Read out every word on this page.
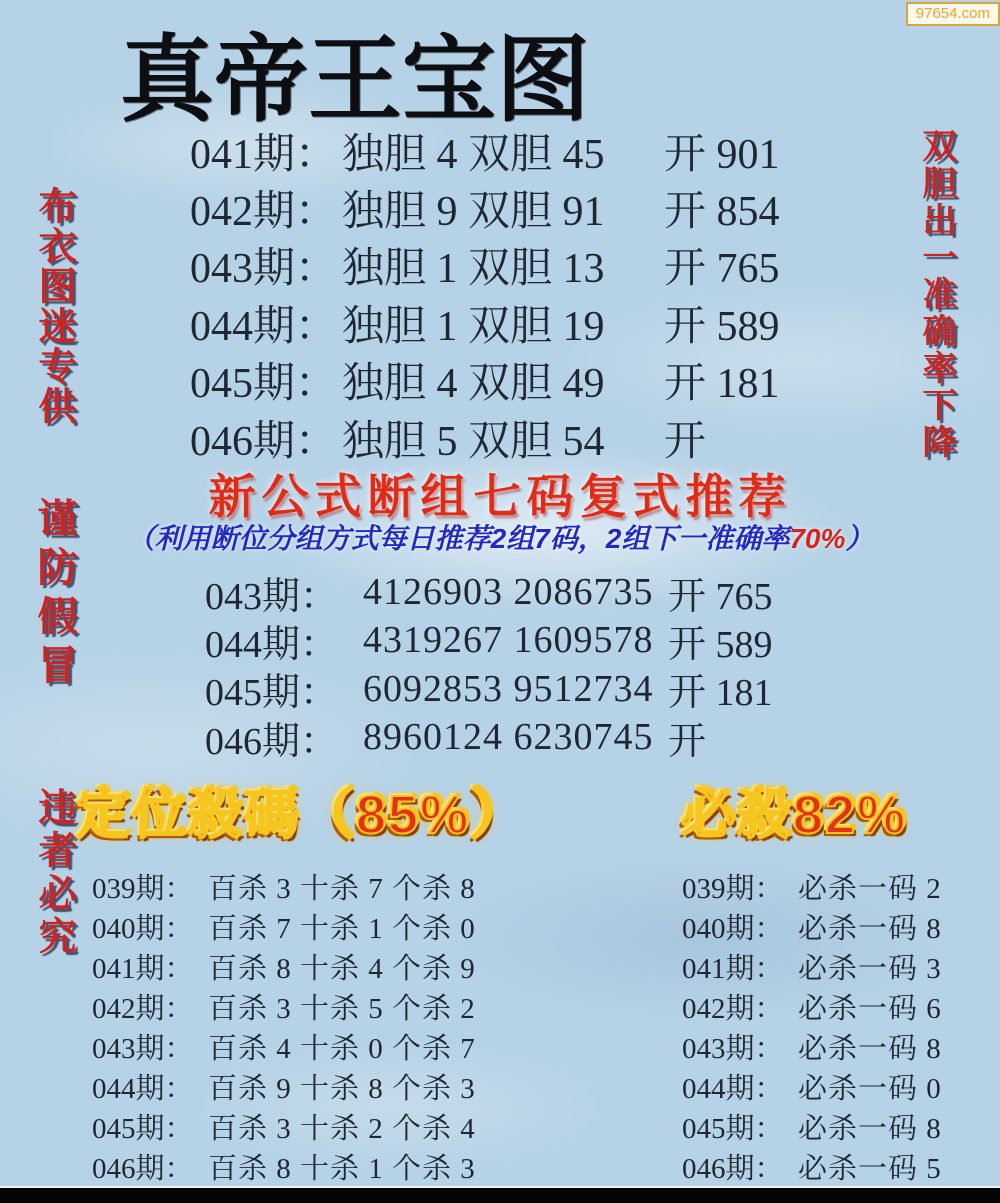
97654.com
真帝王宝图
布衣图迷专供
谨防假冒
违者必究
双胆出一准确率下降
041期： 独胆 4 双胆 45	开 901
042期： 独胆 9 双胆 91	开 854
043期： 独胆 1 双胆 13	开 765
044期： 独胆 1 双胆 19	开 589
045期： 独胆 4 双胆 49	开 181
046期： 独胆 5 双胆 54	开
新公式断组七码复式推荐
（利用断位分组方式每日推荐2组7码，2组下一准确率70%）
043期： 4126903 2086735 开 765
044期： 4319267 1609578 开 589
045期： 6092853 9512734 开 181
046期： 8960124 6230745 开
定位殺碼（85%）	必殺82%
039期： 百杀 3 十杀 7 个杀 8
040期： 百杀 7 十杀 1 个杀 0
041期： 百杀 8 十杀 4 个杀 9
042期： 百杀 3 十杀 5 个杀 2
043期： 百杀 4 十杀 0 个杀 7
044期： 百杀 9 十杀 8 个杀 3
045期： 百杀 3 十杀 2 个杀 4
046期： 百杀 8 十杀 1 个杀 3
039期： 必杀一码 2
040期： 必杀一码 8
041期： 必杀一码 3
042期： 必杀一码 6
043期： 必杀一码 8
044期： 必杀一码 0
045期： 必杀一码 8
046期： 必杀一码 5
